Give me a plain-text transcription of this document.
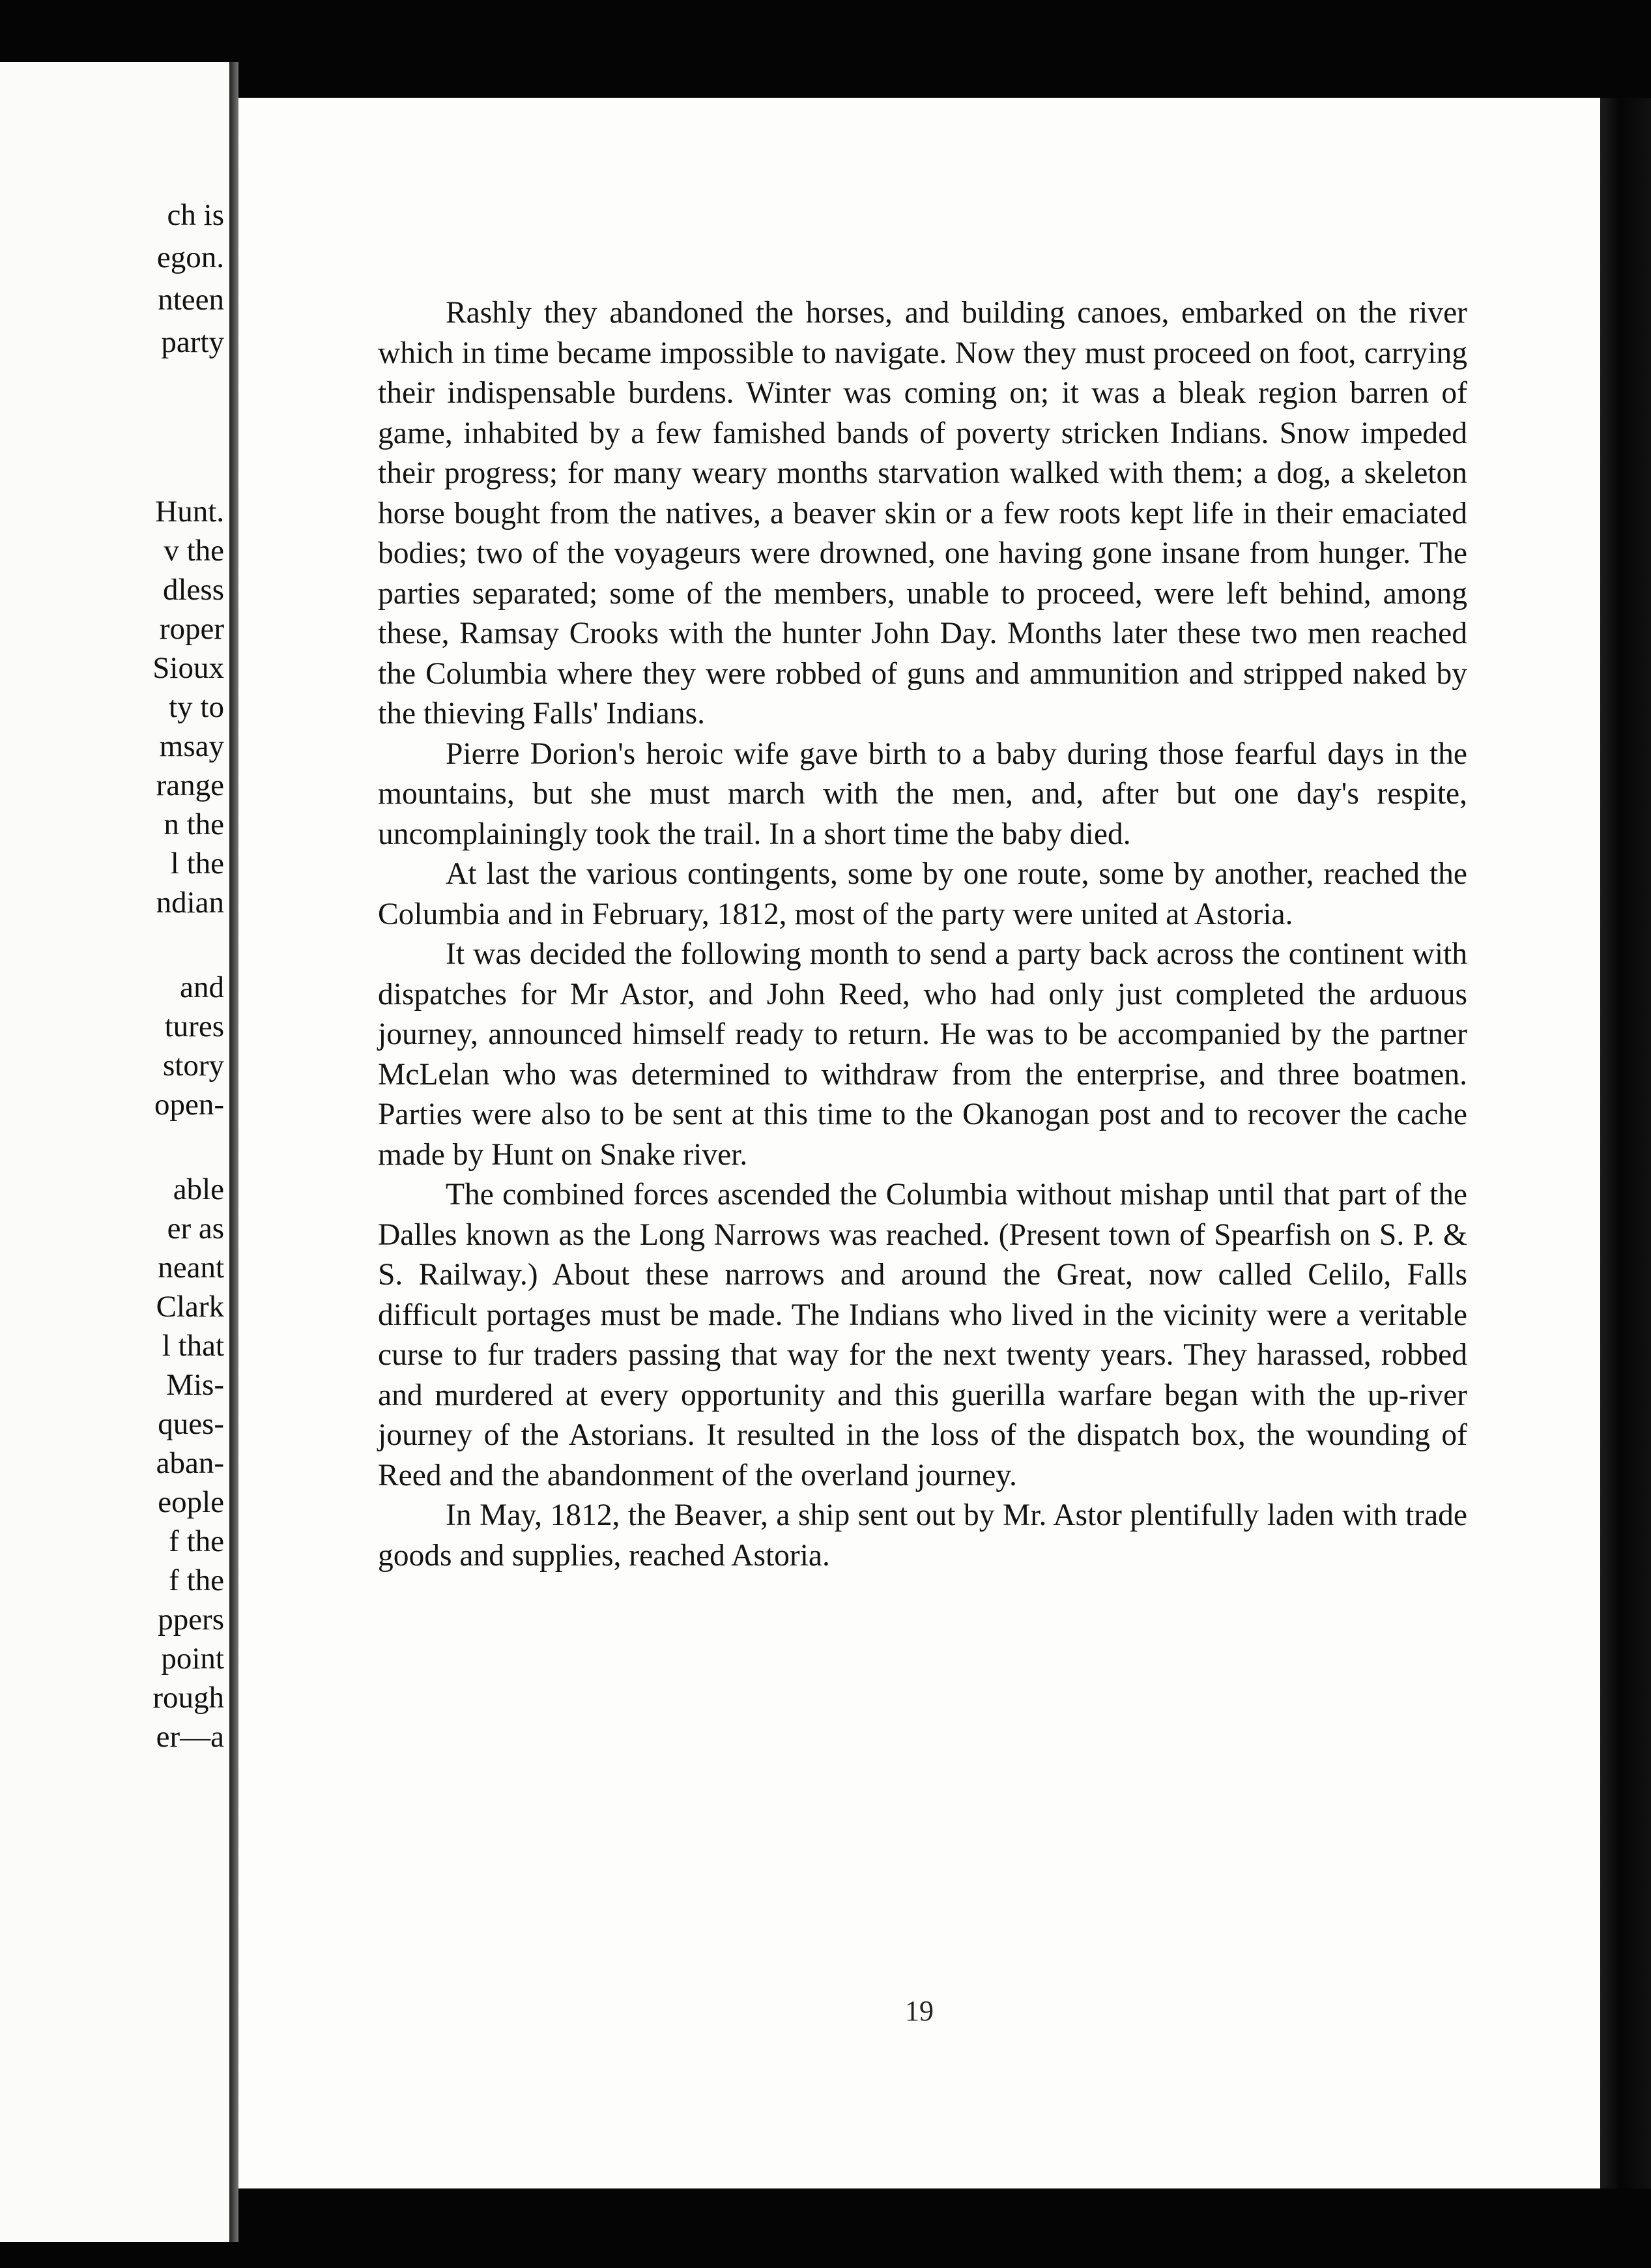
ch is
egon.
nteen
party
Hunt.
v the
dless
roper
Sioux
ty to
msay
range
n the
l the
ndian
and
tures
story
open-
able
er as
neant
Clark
l that
Mis-
ques-
aban-
eople
f the
f the
ppers
point
rough
er—a

Rashly they abandoned the horses, and building canoes, embarked on the river which in time became impossible to navigate. Now they must proceed on foot, carrying their indispensable burdens. Winter was coming on; it was a bleak region barren of game, inhabited by a few famished bands of poverty stricken Indians. Snow impeded their progress; for many weary months starvation walked with them; a dog, a skeleton horse bought from the natives, a beaver skin or a few roots kept life in their emaciated bodies; two of the voyageurs were drowned, one having gone insane from hunger. The parties separated; some of the members, unable to proceed, were left behind, among these, Ramsay Crooks with the hunter John Day. Months later these two men reached the Columbia where they were robbed of guns and ammunition and stripped naked by the thieving Falls' Indians.

Pierre Dorion's heroic wife gave birth to a baby during those fearful days in the mountains, but she must march with the men, and, after but one day's respite, uncomplainingly took the trail. In a short time the baby died.

At last the various contingents, some by one route, some by another, reached the Columbia and in February, 1812, most of the party were united at Astoria.

It was decided the following month to send a party back across the continent with dispatches for Mr Astor, and John Reed, who had only just completed the arduous journey, announced himself ready to return. He was to be accompanied by the partner McLelan who was determined to withdraw from the enterprise, and three boatmen. Parties were also to be sent at this time to the Okanogan post and to recover the cache made by Hunt on Snake river.

The combined forces ascended the Columbia without mishap until that part of the Dalles known as the Long Narrows was reached. (Present town of Spearfish on S. P. & S. Railway.) About these narrows and around the Great, now called Celilo, Falls difficult portages must be made. The Indians who lived in the vicinity were a veritable curse to fur traders passing that way for the next twenty years. They harassed, robbed and murdered at every opportunity and this guerilla warfare began with the up-river journey of the Astorians. It resulted in the loss of the dispatch box, the wounding of Reed and the abandonment of the overland journey.

In May, 1812, the Beaver, a ship sent out by Mr. Astor plentifully laden with trade goods and supplies, reached Astoria.

19
